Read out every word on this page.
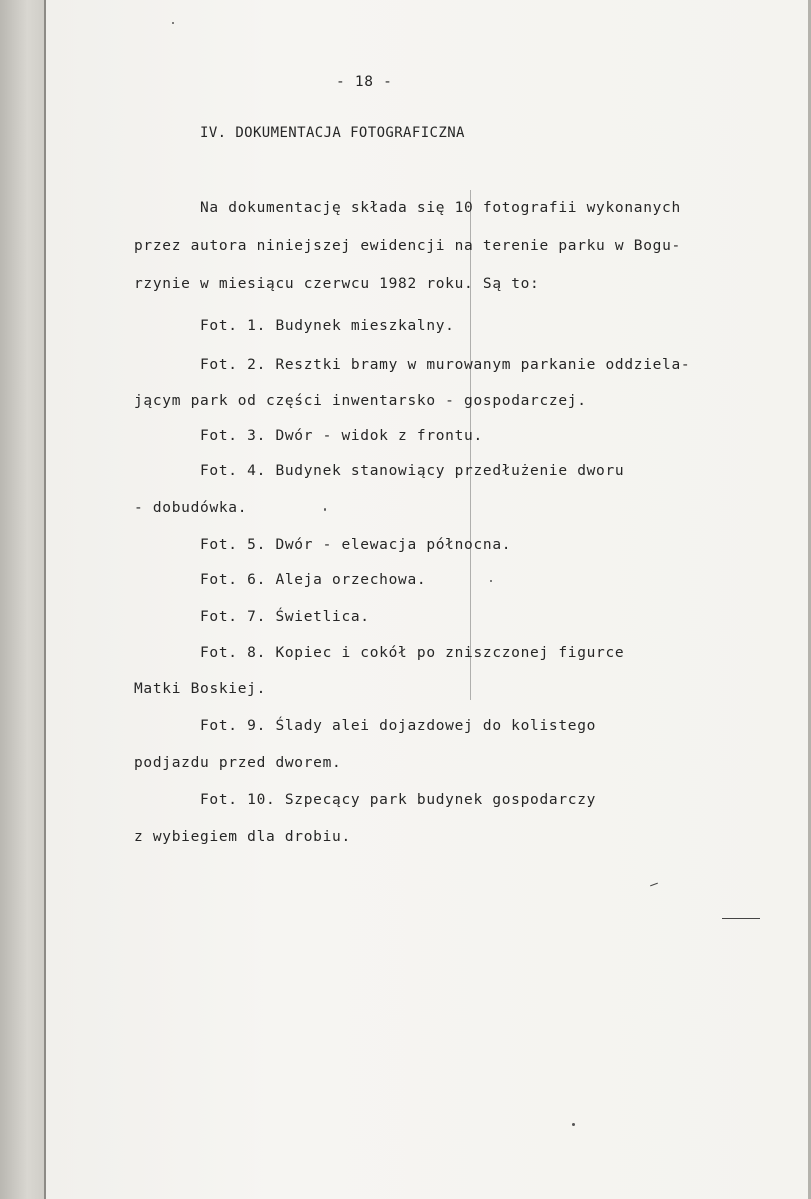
- 18 -
IV. DOKUMENTACJA FOTOGRAFICZNA
Na dokumentację składa się 10 fotografii wykonanych
przez autora niniejszej ewidencji na terenie parku w Bogu-
rzynie w miesiącu czerwcu 1982 roku. Są to:
Fot. 1. Budynek mieszkalny.
Fot. 2. Resztki bramy w murowanym parkanie oddziela-
jącym park od części inwentarsko - gospodarczej.
Fot. 3. Dwór - widok z frontu.
Fot. 4. Budynek stanowiący przedłużenie dworu
- dobudówka.
Fot. 5. Dwór - elewacja północna.
Fot. 6. Aleja orzechowa.
Fot. 7. Świetlica.
Fot. 8. Kopiec i cokół po zniszczonej figurce
Matki Boskiej.
Fot. 9. Ślady alei dojazdowej do kolistego
podjazdu przed dworem.
Fot. 10. Szpecący park budynek gospodarczy
z wybiegiem dla drobiu.
